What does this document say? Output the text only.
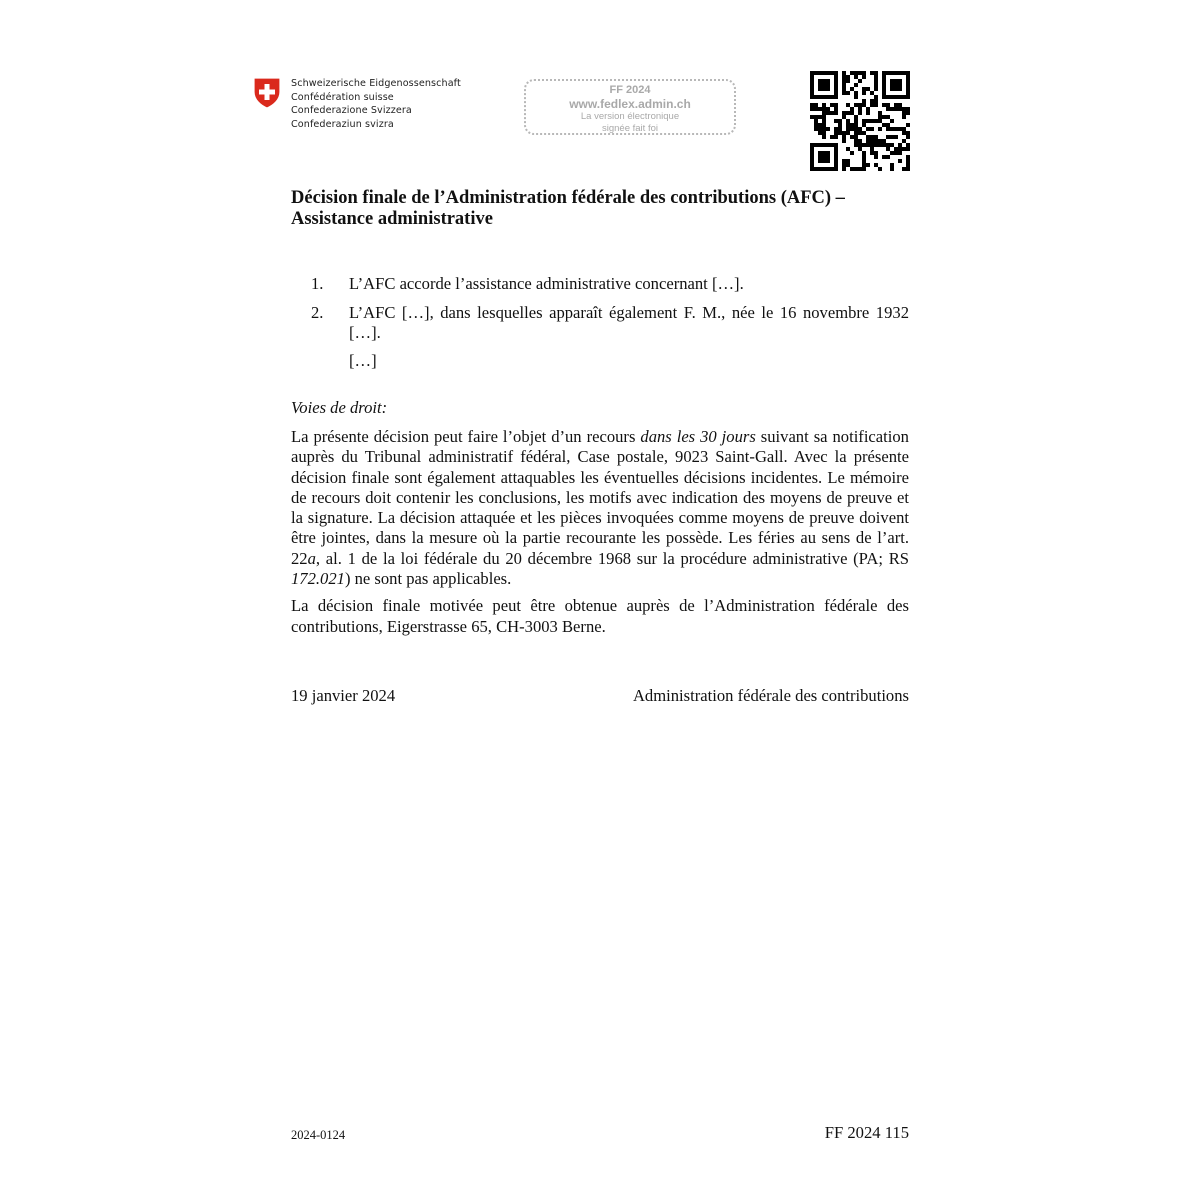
Schweizerische Eidgenossenschaft
Confédération suisse
Confederazione Svizzera
Confederaziun svizra
FF 2024
www.fedlex.admin.ch
La version électronique
signée fait foi
Décision finale de l’Administration fédérale des contributions (AFC) – Assistance administrative
1. L’AFC accorde l’assistance administrative concernant […].
2. L’AFC […], dans lesquelles apparaît également F. M., née le 16 novembre 1932 […].
[…]
Voies de droit:

La présente décision peut faire l’objet d’un recours dans les 30 jours suivant sa notification auprès du Tribunal administratif fédéral, Case postale, 9023 Saint-Gall. Avec la présente décision finale sont également attaquables les éventuelles décisions incidentes. Le mémoire de recours doit contenir les conclusions, les motifs avec indication des moyens de preuve et la signature. La décision attaquée et les pièces invoquées comme moyens de preuve doivent être jointes, dans la mesure où la partie recourante les possède. Les féries au sens de l’art. 22a, al. 1 de la loi fédérale du 20 décembre 1968 sur la procédure administrative (PA; RS 172.021) ne sont pas applicables.

La décision finale motivée peut être obtenue auprès de l’Administration fédérale des contributions, Eigerstrasse 65, CH-3003 Berne.

19 janvier 2024	Administration fédérale des contributions
2024-0124	FF 2024 115
